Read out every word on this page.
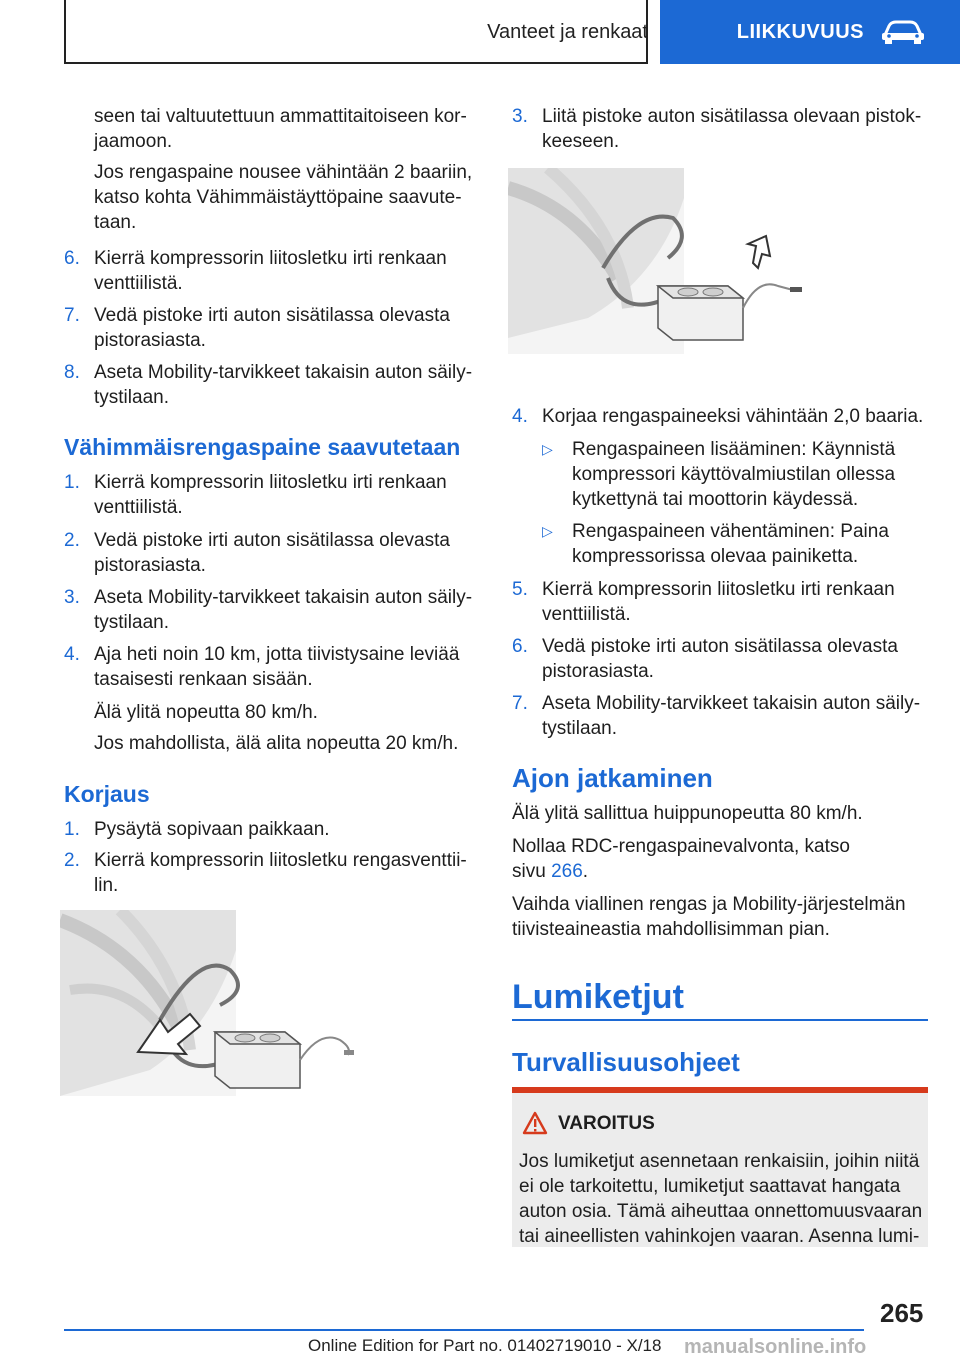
Vanteet ja renkaat	LIIKKUVUUS
seen tai valtuutettuun ammattitaitoiseen kor-
jaamoon.
Jos rengaspaine nousee vähintään 2 baariin,
katso kohta Vähimmäistäyttöpaine saavute-
taan.
6. Kierrä kompressorin liitosletku irti renkaan
venttiilistä.
7. Vedä pistoke irti auton sisätilassa olevasta
pistorasiasta.
8. Aseta Mobility-tarvikkeet takaisin auton säily-
tystilaan.
Vähimmäisrengaspaine saavutetaan
1. Kierrä kompressorin liitosletku irti renkaan
venttiilistä.
2. Vedä pistoke irti auton sisätilassa olevasta
pistorasiasta.
3. Aseta Mobility-tarvikkeet takaisin auton säily-
tystilaan.
4. Aja heti noin 10 km, jotta tiivistysaine leviää
tasaisesti renkaan sisään.
Älä ylitä nopeutta 80 km/h.
Jos mahdollista, älä alita nopeutta 20 km/h.
Korjaus
1. Pysäytä sopivaan paikkaan.
2. Kierrä kompressorin liitosletku rengasventtii-
lin.
3. Liitä pistoke auton sisätilassa olevaan pistok-
keeseen.
4. Korjaa rengaspaineeksi vähintään 2,0 baaria.
▷ Rengaspaineen lisääminen: Käynnistä
kompressori käyttövalmiustilan ollessa
kytkettynä tai moottorin käydessä.
▷ Rengaspaineen vähentäminen: Paina
kompressorissa olevaa painiketta.
5. Kierrä kompressorin liitosletku irti renkaan
venttiilistä.
6. Vedä pistoke irti auton sisätilassa olevasta
pistorasiasta.
7. Aseta Mobility-tarvikkeet takaisin auton säily-
tystilaan.
Ajon jatkaminen
Älä ylitä sallittua huippunopeutta 80 km/h.
Nollaa RDC-rengaspainevalvonta, katso
sivu 266.
Vaihda viallinen rengas ja Mobility-järjestelmän
tiivisteaineastia mahdollisimman pian.
Lumiketjut
Turvallisuusohjeet
VAROITUS
Jos lumiketjut asennetaan renkaisiin, joihin niitä
ei ole tarkoitettu, lumiketjut saattavat hangata
auton osia. Tämä aiheuttaa onnettomuusvaaran
tai aineellisten vahinkojen vaaran. Asenna lumi-
265
Online Edition for Part no. 01402719010 - X/18 manualsonline.info
